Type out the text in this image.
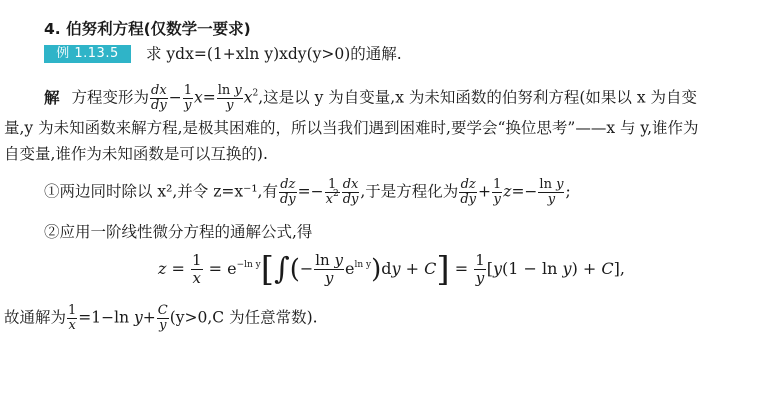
4. 伯努利方程(仅数学一要求)
例 1.13.5	求 ydx=(1+xln y)xdy(y>0)的通解.
解 方程变形为 $\frac{dx}{dy} - \frac{1}{y} x= \frac{\text{ln y}}{y} x^2$,这是以 y 为自变量,x 为未知函数的伯努利方程(如果以 x 为自变
量,y 为未知函数来解方程,是极其困难的，所以当我们遇到困难时,要学会“换位思考”——x 与 y,谁作为
自变量,谁作为未知函数是可以互换的).
①两边同时除以 x²,并令 z=x⁻¹,有 $\frac{dz}{dy} =- \frac{1}{x^2} \frac{dx}{dy}$ ,于是方程化为 $\frac{dz}{dy} + \frac{1}{y} z=- \frac{\text{ln y}}{y}$ ;
②应用一阶线性微分方程的通解公式,得
$z = \frac{1}{x} = e^{-ln y}[\int(- \frac{\text{ln y}}{y} e^{ln y})dy + C] = \frac{1}{y} [y(1 - \ln y) + C]$,
故通解为 $\frac{1}{x} =1-\ln$ $y+ \frac{C}{y} (y>0,C$ 为任意常数).
